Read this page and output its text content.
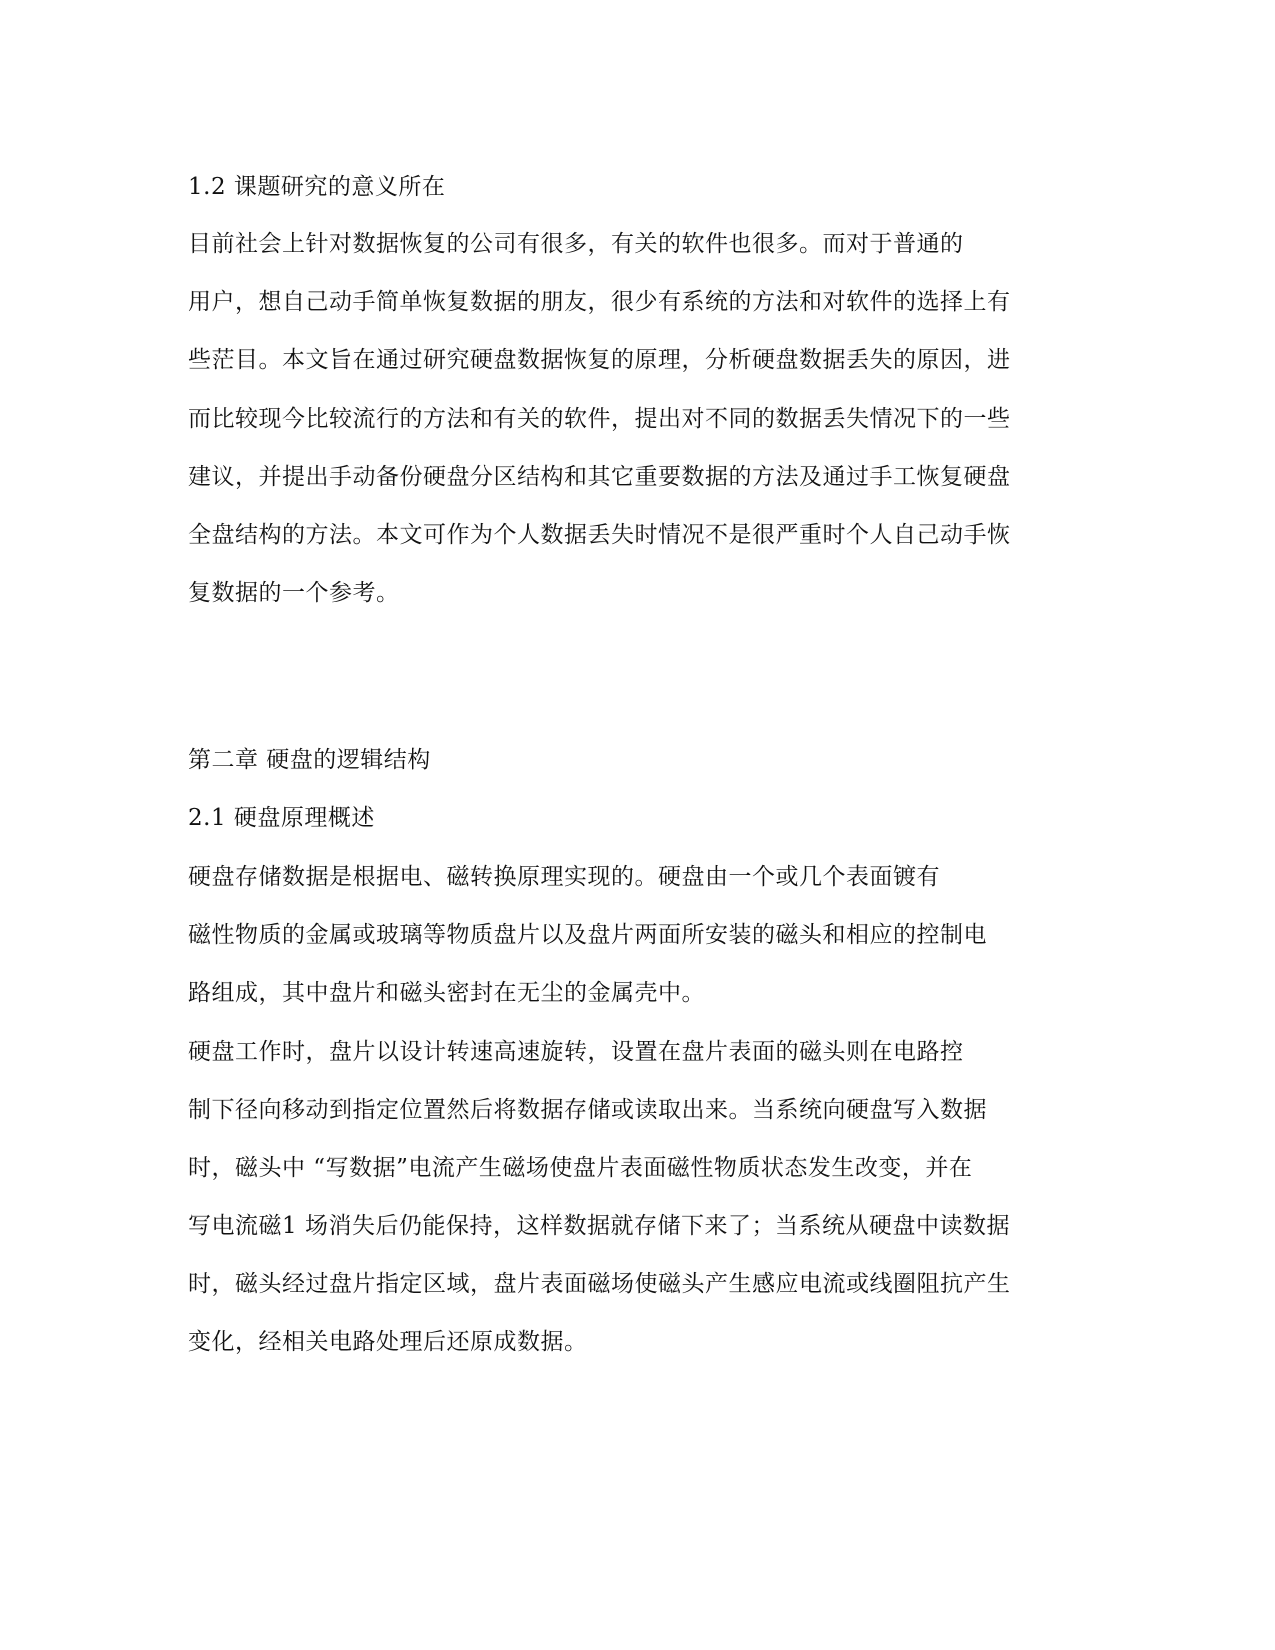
1.2 课题研究的意义所在
目前社会上针对数据恢复的公司有很多，有关的软件也很多。而对于普通的
用户，想自己动手简单恢复数据的朋友，很少有系统的方法和对软件的选择上有
些茫目。本文旨在通过研究硬盘数据恢复的原理，分析硬盘数据丢失的原因，进
而比较现今比较流行的方法和有关的软件，提出对不同的数据丢失情况下的一些
建议，并提出手动备份硬盘分区结构和其它重要数据的方法及通过手工恢复硬盘
全盘结构的方法。本文可作为个人数据丢失时情况不是很严重时个人自己动手恢
复数据的一个参考。
第二章 硬盘的逻辑结构
2.1 硬盘原理概述
硬盘存储数据是根据电、磁转换原理实现的。硬盘由一个或几个表面镀有
磁性物质的金属或玻璃等物质盘片以及盘片两面所安装的磁头和相应的控制电
路组成，其中盘片和磁头密封在无尘的金属壳中。
硬盘工作时，盘片以设计转速高速旋转，设置在盘片表面的磁头则在电路控
制下径向移动到指定位置然后将数据存储或读取出来。当系统向硬盘写入数据
时，磁头中 “写数据”电流产生磁场使盘片表面磁性物质状态发生改变，并在
写电流磁1 场消失后仍能保持，这样数据就存储下来了；当系统从硬盘中读数据
时，磁头经过盘片指定区域，盘片表面磁场使磁头产生感应电流或线圈阻抗产生
变化，经相关电路处理后还原成数据。
